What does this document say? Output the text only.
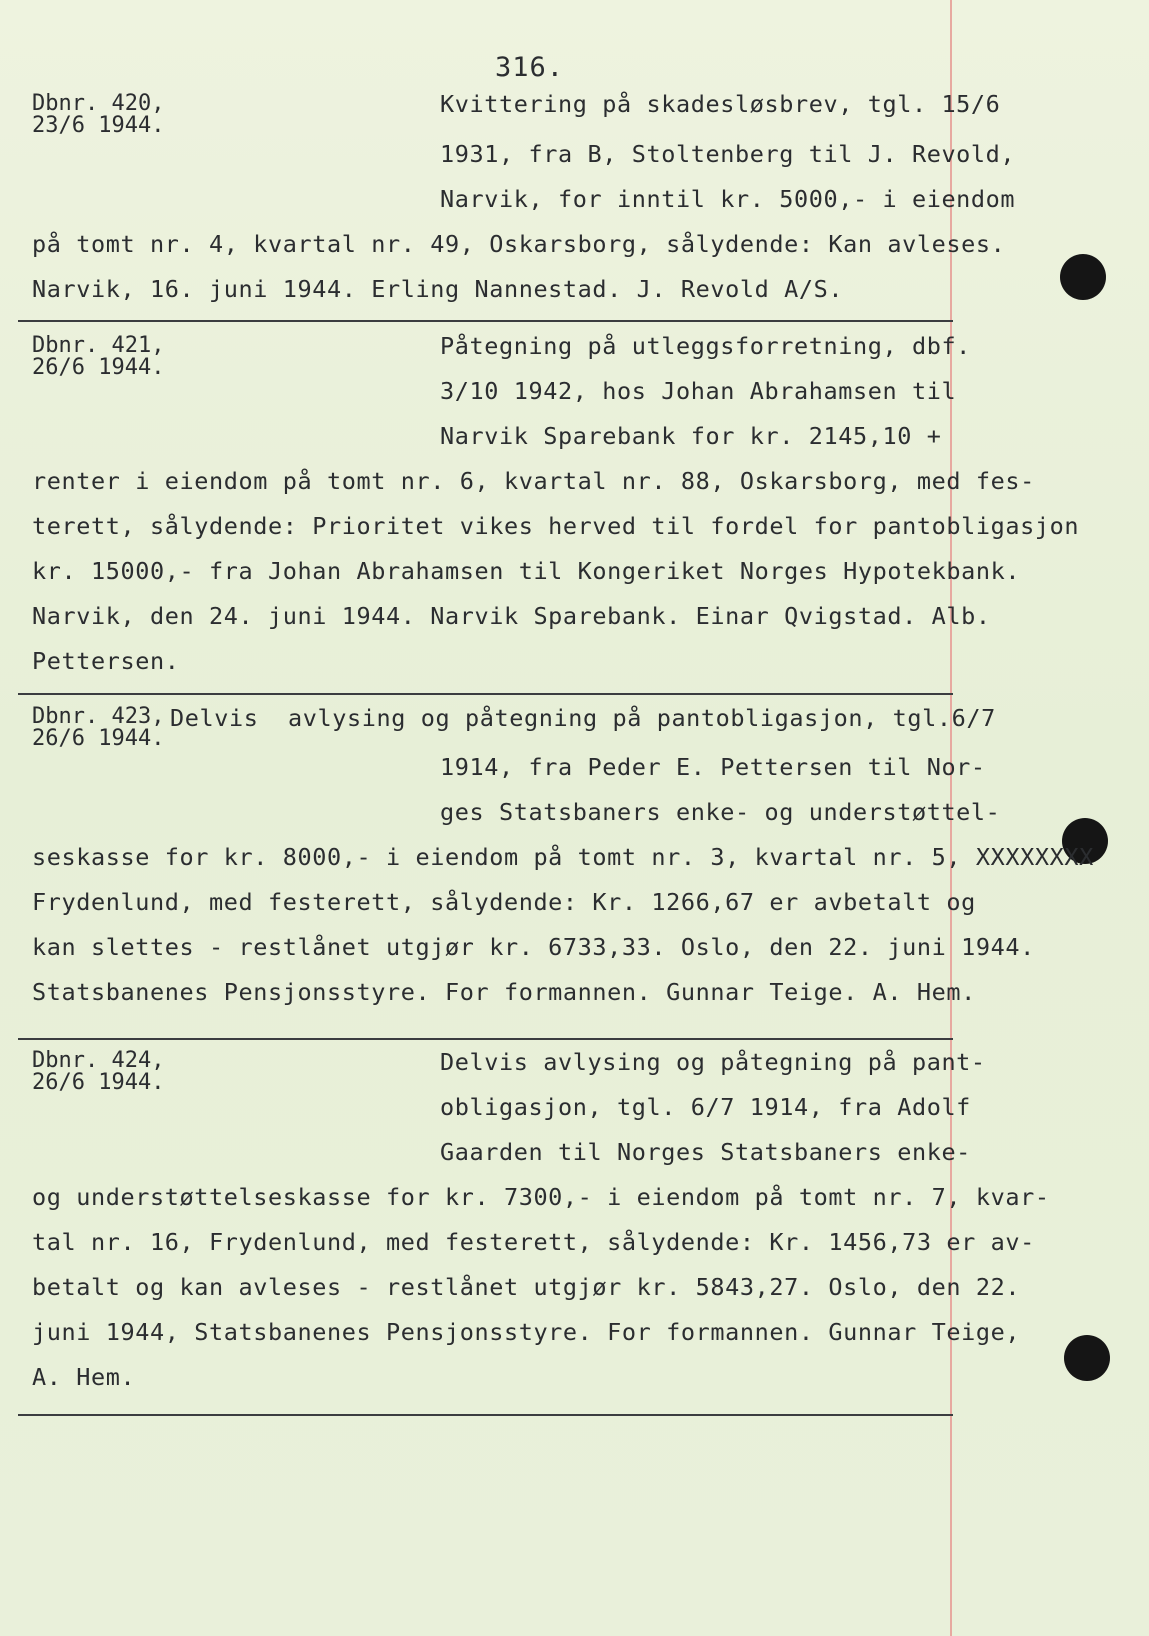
316.
Dbnr. 420,
23/6 1944.
Kvittering på skadesløsbrev, tgl. 15/6
1931, fra B, Stoltenberg til J. Revold,
Narvik, for inntil kr. 5000,- i eiendom
på tomt nr. 4, kvartal nr. 49, Oskarsborg, sålydende: Kan avleses.
Narvik, 16. juni 1944. Erling Nannestad. J. Revold A/S.
Dbnr. 421,
26/6 1944.
Påtegning på utleggsforretning, dbf.
3/10 1942, hos Johan Abrahamsen til
Narvik Sparebank for kr. 2145,10 +
renter i eiendom på tomt nr. 6, kvartal nr. 88, Oskarsborg, med fes-
terett, sålydende: Prioritet vikes herved til fordel for pantobligasjon
kr. 15000,- fra Johan Abrahamsen til Kongeriket Norges Hypotekbank.
Narvik, den 24. juni 1944. Narvik Sparebank. Einar Qvigstad. Alb.
Pettersen.
Dbnr. 423,
26/6 1944.
Delvis  avlysing og påtegning på pantobligasjon, tgl.6/7
1914, fra Peder E. Pettersen til Nor-
ges Statsbaners enke- og understøttel-
seskasse for kr. 8000,- i eiendom på tomt nr. 3, kvartal nr. 5, XXXXXXXX
Frydenlund, med festerett, sålydende: Kr. 1266,67 er avbetalt og
kan slettes - restlånet utgjør kr. 6733,33. Oslo, den 22. juni 1944.
Statsbanenes Pensjonsstyre. For formannen. Gunnar Teige. A. Hem.
Dbnr. 424,
26/6 1944.
Delvis avlysing og påtegning på pant-
obligasjon, tgl. 6/7 1914, fra Adolf
Gaarden til Norges Statsbaners enke-
og understøttelseskasse for kr. 7300,- i eiendom på tomt nr. 7, kvar-
tal nr. 16, Frydenlund, med festerett, sålydende: Kr. 1456,73 er av-
betalt og kan avleses - restlånet utgjør kr. 5843,27. Oslo, den 22.
juni 1944, Statsbanenes Pensjonsstyre. For formannen. Gunnar Teige,
A. Hem.
